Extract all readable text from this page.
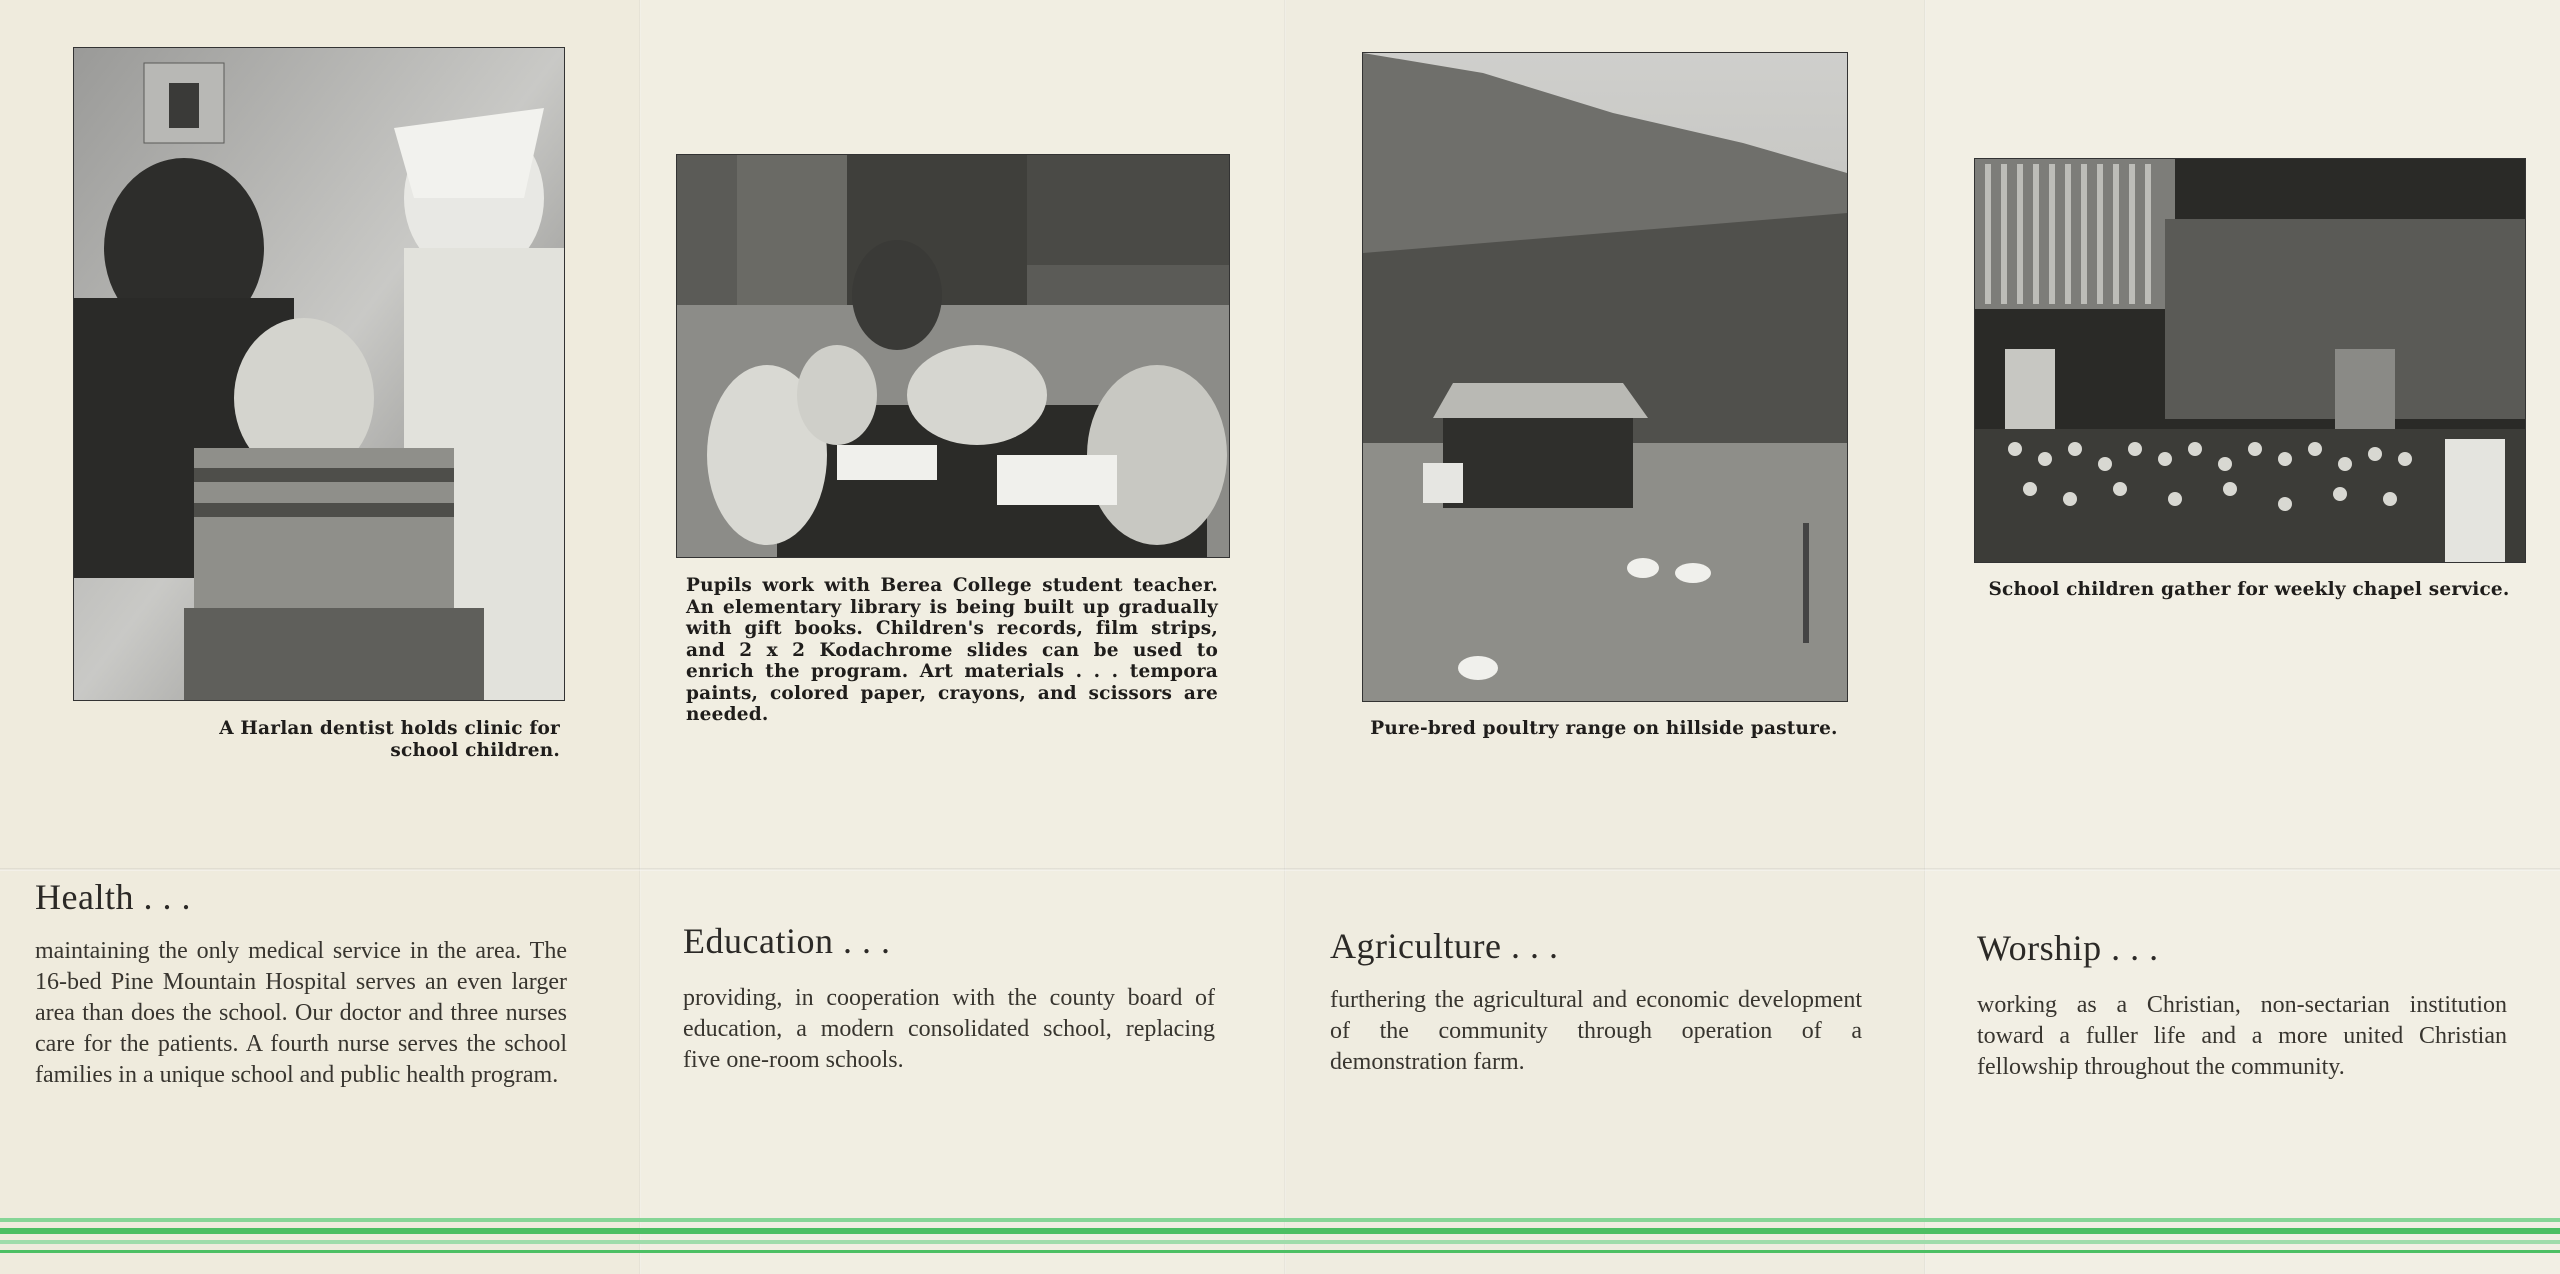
A Harlan dentist holds clinic for school children.
Pupils work with Berea College student teacher. An elementary library is being built up gradually with gift books. Children's records, film strips, and 2 x 2 Kodachrome slides can be used to enrich the program. Art materials . . . tempora paints, colored paper, crayons, and scissors are needed.
Pure-bred poultry range on hillside pasture.
School children gather for weekly chapel service.
Health . . .
maintaining the only medical service in the area. The 16-bed Pine Mountain Hospital serves an even larger area than does the school. Our doctor and three nurses care for the patients. A fourth nurse serves the school families in a unique school and public health program.
Education . . .
providing, in cooperation with the county board of education, a modern consolidated school, replacing five one-room schools.
Agriculture . . .
furthering the agricultural and economic development of the community through operation of a demonstration farm.
Worship . . .
working as a Christian, non-sectarian institution toward a fuller life and a more united Christian fellowship throughout the community.
